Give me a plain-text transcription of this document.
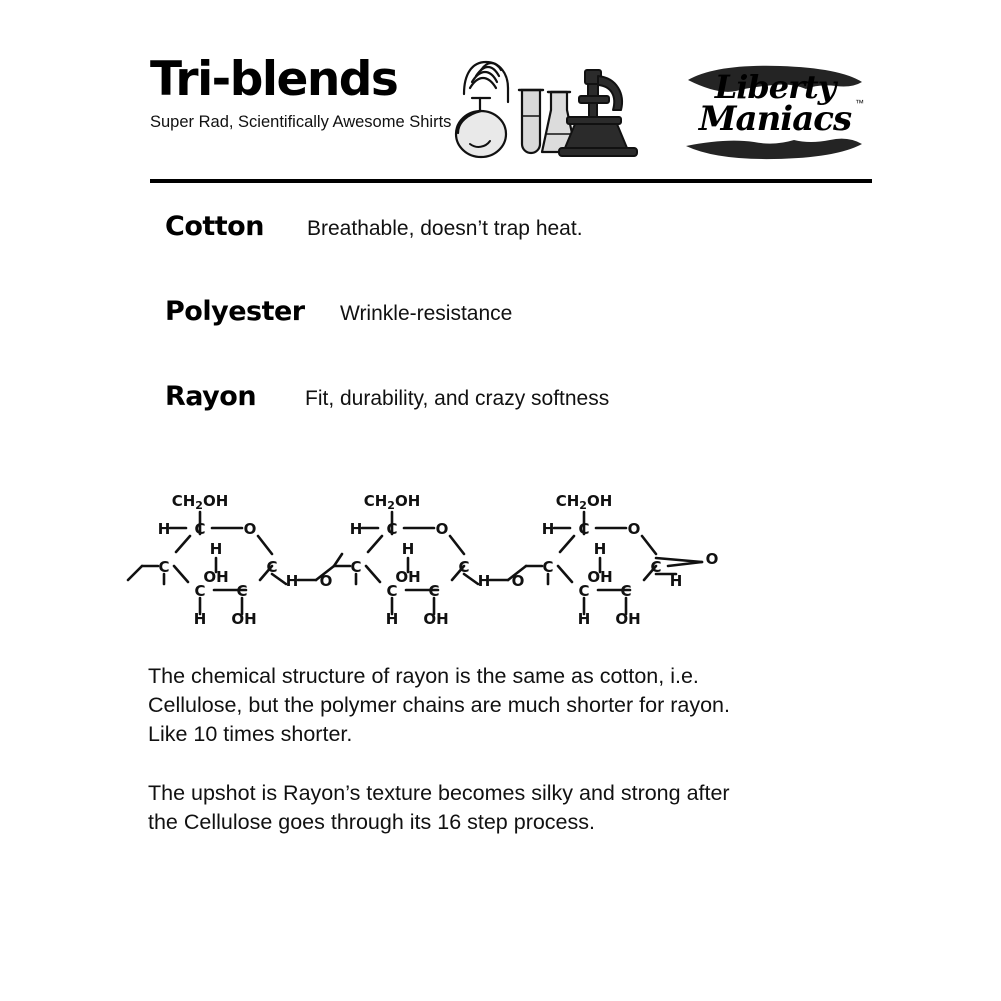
Tri-blends
Super Rad, Scientifically Awesome Shirts
Liberty
Maniacs ™
Cotton Breathable, doesn’t trap heat.
Polyester Wrinkle-resistance
Rayon Fit, durability, and crazy softness
$CH_2OH$
C	O
H
C
H
OH
C C
C
H
H OH
O
$CH_2OH$
C	O
H
C
H
OH
C C
C
H
H OH
O
$CH_2OH$
C	O
H
C
H
OH
C C
C
H
H OH
O

The chemical structure of rayon is the same as cotton, i.e. Cellulose, but the polymer chains are much shorter for rayon. Like 10 times shorter.

The upshot is Rayon’s texture becomes silky and strong after the Cellulose goes through its 16 step process.
